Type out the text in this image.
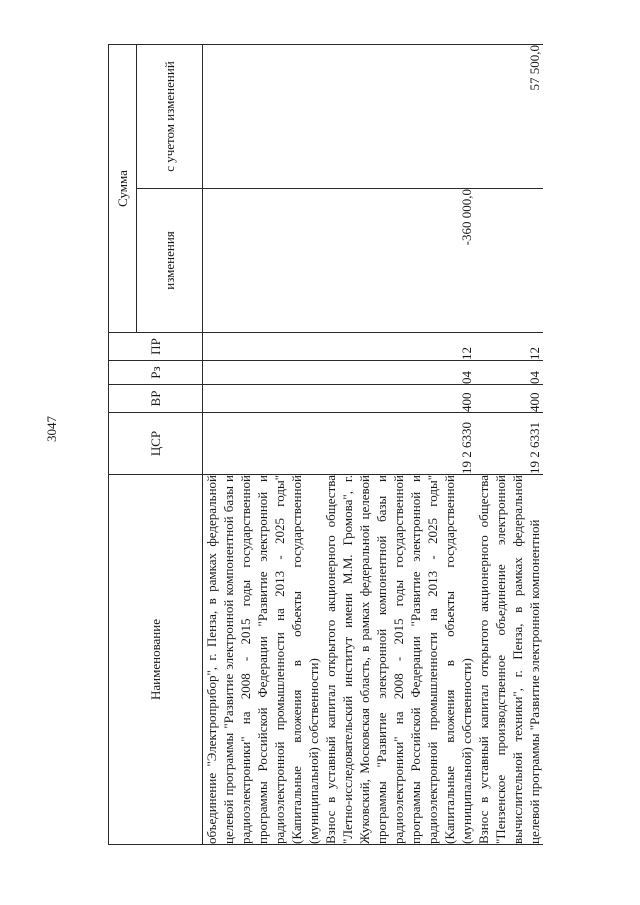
3047
Наименование	ЦСР	ВР	Рз	ПР	Сумма	
					изменения	с учетом изменений
объединение "Электроприбор", г. Пенза, в рамках федеральной целевой программы "Развитие электронной компонентной базы и радиоэлектроники" на 2008 - 2015 годы государственной программы Российской Федерации "Развитие электронной и радиоэлектронной промышленности на 2013 - 2025 годы" (Капитальные вложения в объекты государственной (муниципальной) собственности)						
Взнос в уставный капитал открытого акционерного общества "Летно-исследовательский институт имени М.М. Громова", г. Жуковский, Московская область, в рамках федеральной целевой программы "Развитие электронной компонентной базы и радиоэлектроники" на 2008 - 2015 годы государственной программы Российской Федерации "Развитие электронной и радиоэлектронной промышленности на 2013 - 2025 годы" (Капитальные вложения в объекты государственной (муниципальной) собственности)	19 2 6330	400	04	12	-360 000,0	
Взнос в уставный капитал открытого акционерного общества "Пензенское производственное объединение электронной вычислительной техники", г. Пенза, в рамках федеральной целевой программы "Развитие электронной компонентной	19 2 6331	400	04	12		57 500,0
